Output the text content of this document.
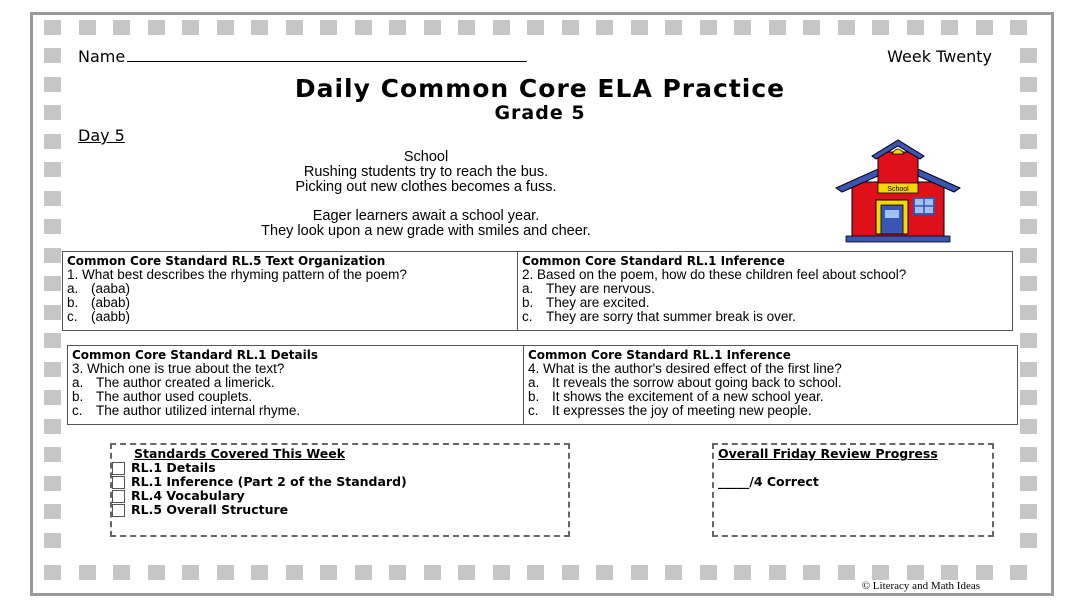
Name	Week Twenty
Daily Common Core ELA Practice
Grade 5
Day 5
School
Rushing students try to reach the bus.
Picking out new clothes becomes a fuss.
Eager learners await a school year.
They look upon a new grade with smiles and cheer.
School
Common Core Standard RL.5 Text Organization
1. What best describes the rhyming pattern of the poem?
a. (aaba)
b. (abab)
c. (aabb)
Common Core Standard RL.1 Inference
2. Based on the poem, how do these children feel about school?
a. They are nervous.
b. They are excited.
c. They are sorry that summer break is over.
Common Core Standard RL.1 Details
3. Which one is true about the text?
a. The author created a limerick.
b. The author used couplets.
c. The author utilized internal rhyme.
Common Core Standard RL.1 Inference
4. What is the author's desired effect of the first line?
a. It reveals the sorrow about going back to school.
b. It shows the excitement of a new school year.
c. It expresses the joy of meeting new people.
Standards Covered This Week
RL.1 Details
RL.1 Inference (Part 2 of the Standard)
RL.4 Vocabulary
RL.5 Overall Structure
Overall Friday Review Progress
_____/4 Correct
© Literacy and Math Ideas
